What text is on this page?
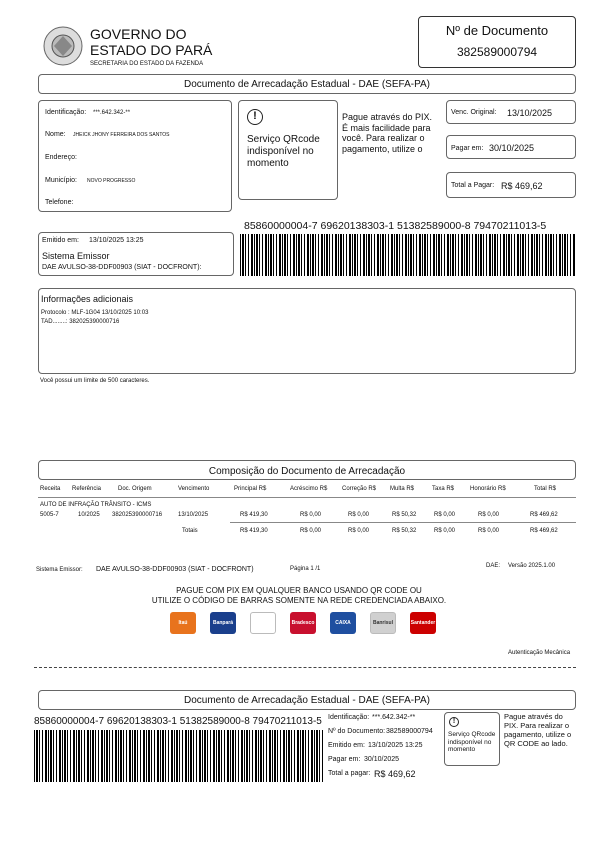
GOVERNO DO
ESTADO DO PARÁ
SECRETARIA DO ESTADO DA FAZENDA
Nº de Documento
382589000794
Documento de Arrecadação Estadual - DAE (SEFA-PA)
Identificação: ***.642.342-**
Nome: JHEICK JHONY FERREIRA DOS SANTOS
Endereço:
Município: NOVO PROGRESSO
Telefone:
!
Serviço QRcode indisponível no momento
Pague através do PIX. É mais facilidade para você. Para realizar o pagamento, utilize o
Venc. Original: 13/10/2025
Pagar em: 30/10/2025
Total a Pagar: R$ 469,62
85860000004-7 69620138303-1 51382589000-8 79470211013-5
Emitido em: 13/10/2025 13:25
Sistema Emissor
DAE AVULSO-38-DDF00903 (SIAT - DOCFRONT):
Informações adicionais
Protocolo : MLF-1G04 13/10/2025 10:03
TAD........: 382025390000716
Você possui um limite de 500 caracteres.
Composição do Documento de Arrecadação
Receita Referência	Doc. Origem	Vencimento	Principal R$	Acréscimo R$ Correção R$ Multa R$	Taxa R$	Honorário R$	Total R$
AUTO DE INFRAÇÃO TRÂNSITO - ICMS
5005-7	10/2025 382025390000716	13/10/2025	R$ 419,30	R$ 0,00	R$ 0,00	R$ 50,32	R$ 0,00	R$ 0,00	R$ 469,62
Totais	R$ 419,30	R$ 0,00	R$ 0,00	R$ 50,32	R$ 0,00	R$ 0,00	R$ 469,62
Sistema Emissor: DAE AVULSO-38-DDF00903 (SIAT - DOCFRONT)	Página 1 /1	DAE: Versão 2025.1.00
PAGUE COM PIX EM QUALQUER BANCO USANDO QR CODE OU
UTILIZE O CÓDIGO DE BARRAS SOMENTE NA REDE CREDENCIADA ABAIXO.
Itaú	Banpará	Bradesco	CAIXA	Banrisul	Santander
Autenticação Mecânica
Documento de Arrecadação Estadual - DAE (SEFA-PA)
85860000004-7 69620138303-1 51382589000-8 79470211013-5 Identificação: ***.642.342-**
Nº do Documento: 382589000794
Emitido em: 13/10/2025 13:25
Pagar em: 30/10/2025
Total a pagar: R$ 469,62
!
Serviço QRcode indisponível no momento
Pague através do PIX. Para realizar o pagamento, utilize o QR CODE ao lado.
